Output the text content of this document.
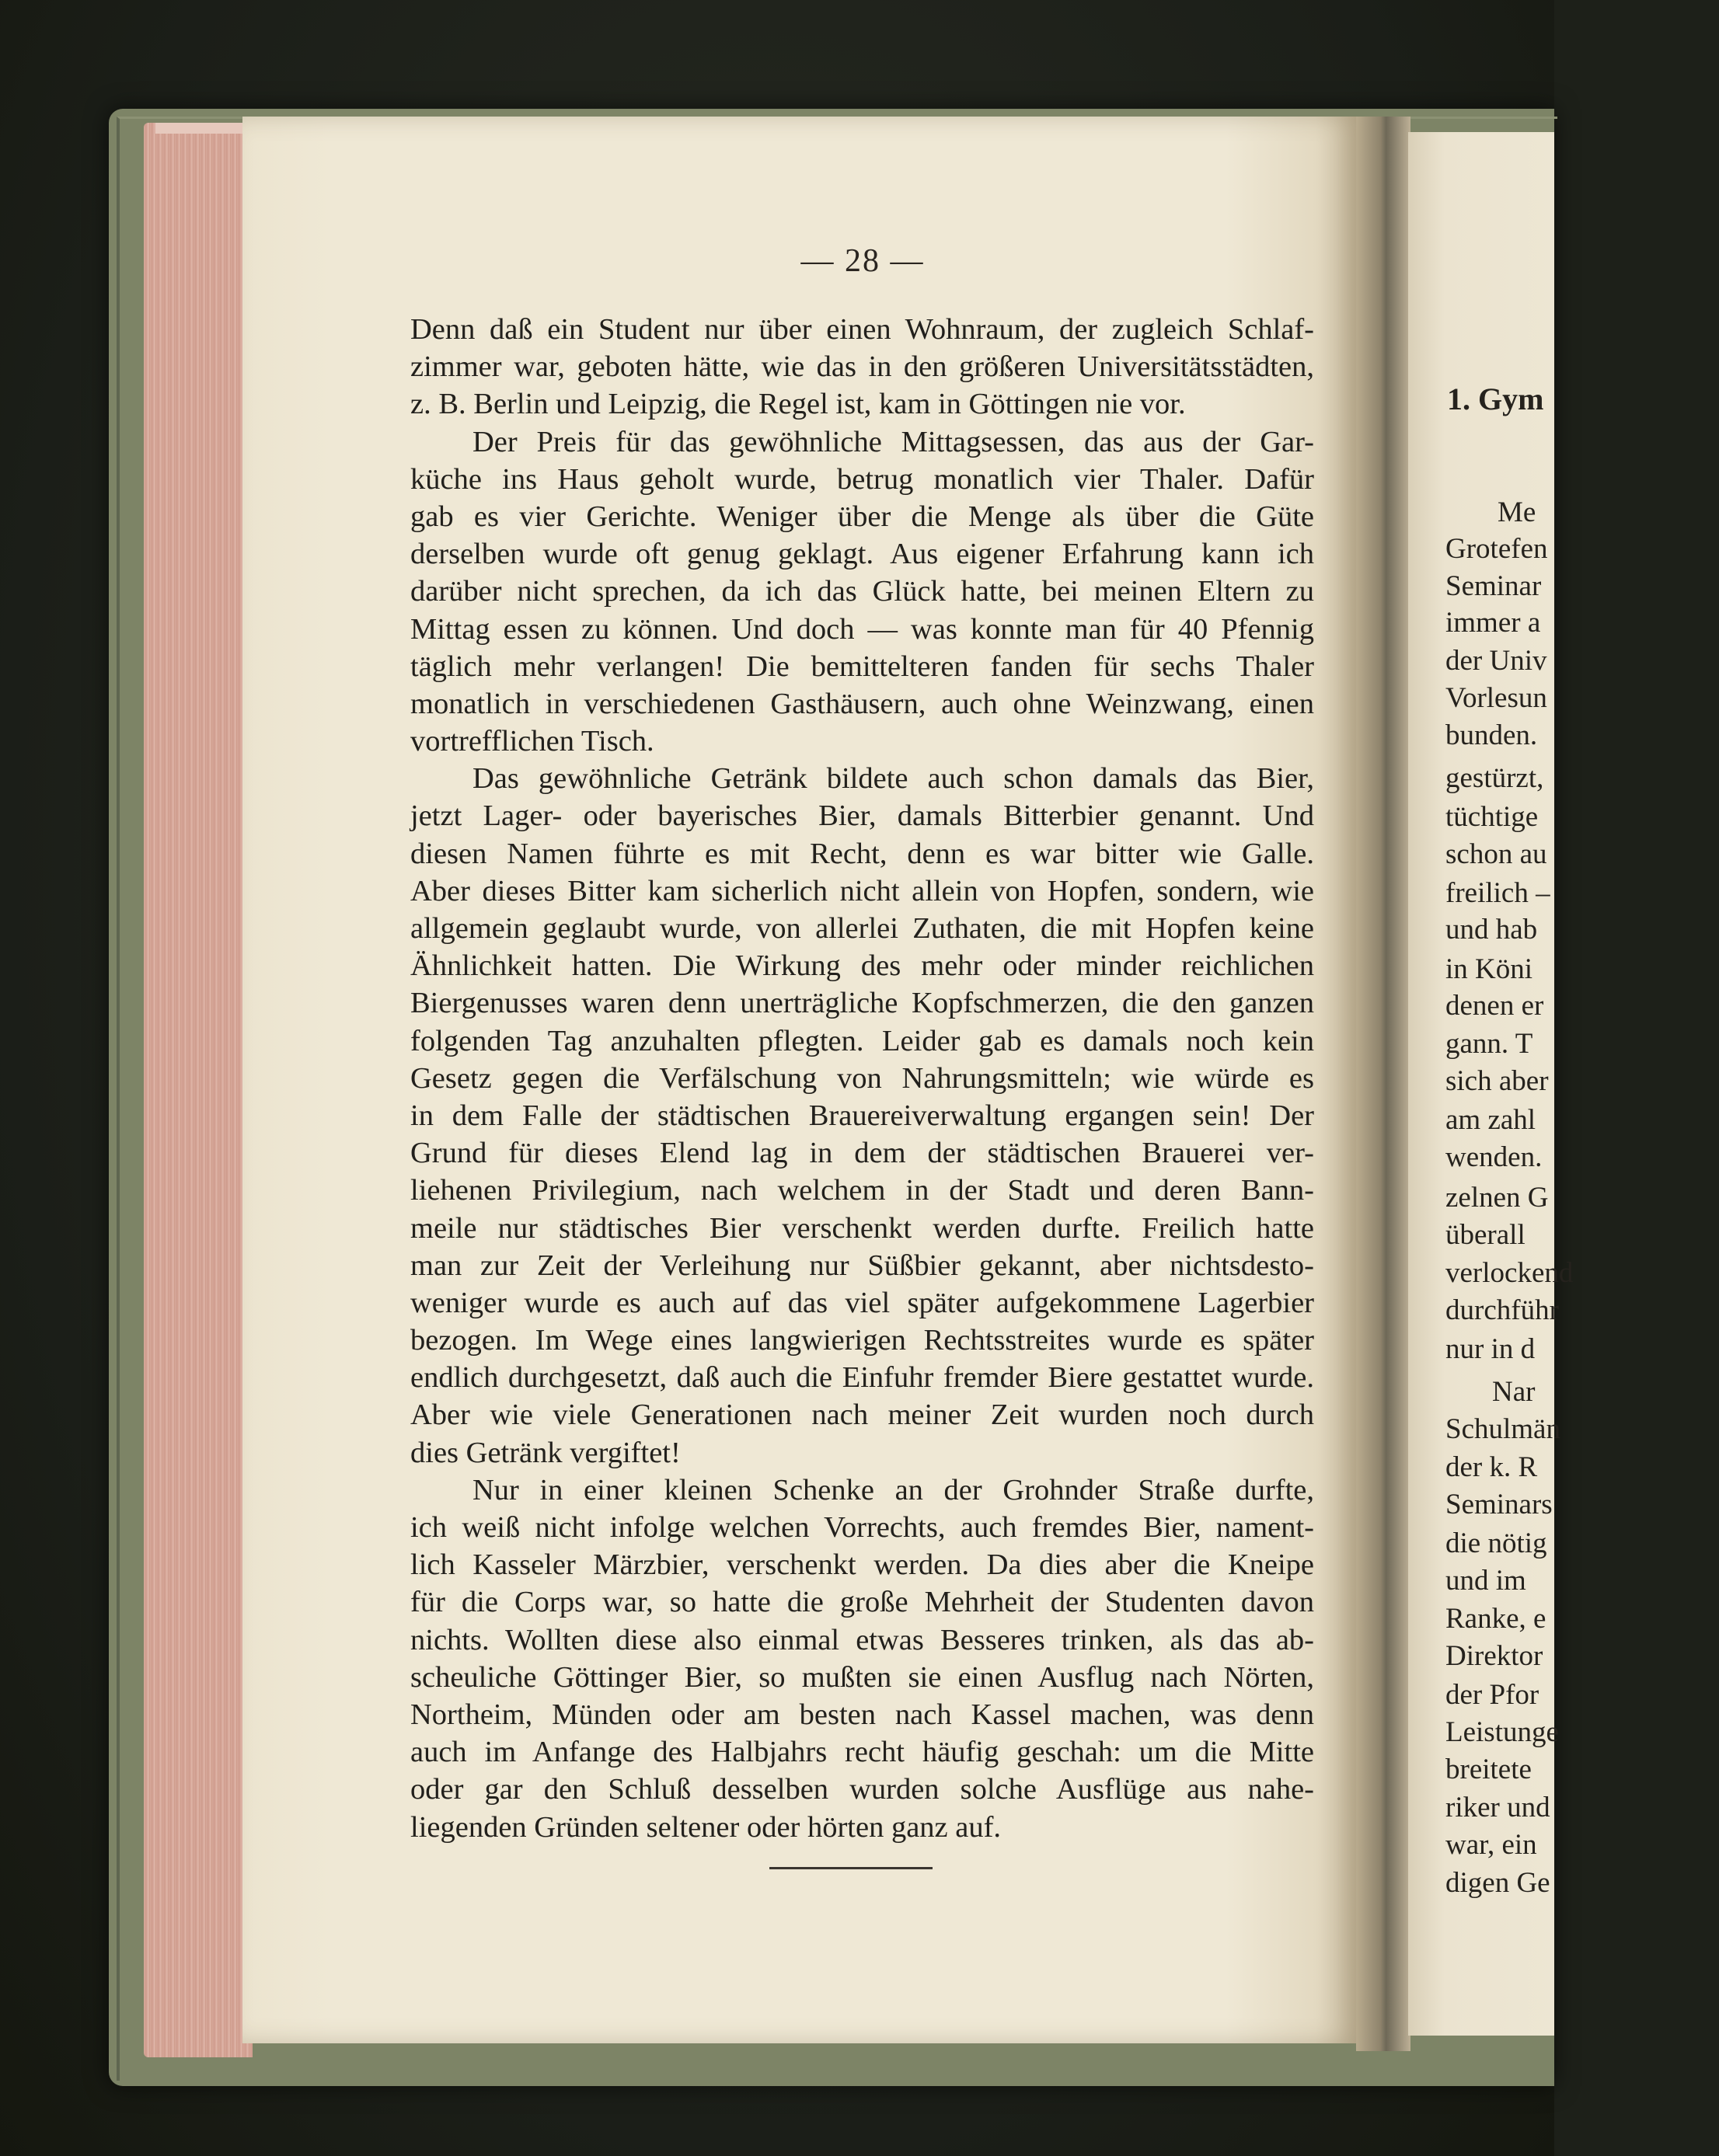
1. Gym
Me
Grotefen
Seminar
immer a
der Univ
Vorlesun
bunden.
gestürzt,
tüchtige
schon au
freilich –
und hab
in Köni
denen er
gann. T
sich aber
am zahl
wenden.
zelnen G
überall
verlockend
durchführ
nur in d
Nar
Schulmän
der k. R
Seminars
die nötig
und im
Ranke, e
Direktor
der Pfor
Leistunge
breitete
riker und
war, ein
digen Ge
— 28 —
Denn daß ein Student nur über einen Wohnraum, der zugleich Schlaf-
zimmer war, geboten hätte, wie das in den größeren Universitätsstädten,
z. B. Berlin und Leipzig, die Regel ist, kam in Göttingen nie vor.
Der Preis für das gewöhnliche Mittagsessen, das aus der Gar-
küche ins Haus geholt wurde, betrug monatlich vier Thaler. Dafür
gab es vier Gerichte. Weniger über die Menge als über die Güte
derselben wurde oft genug geklagt. Aus eigener Erfahrung kann ich
darüber nicht sprechen, da ich das Glück hatte, bei meinen Eltern zu
Mittag essen zu können. Und doch — was konnte man für 40 Pfennig
täglich mehr verlangen! Die bemittelteren fanden für sechs Thaler
monatlich in verschiedenen Gasthäusern, auch ohne Weinzwang, einen
vortrefflichen Tisch.
Das gewöhnliche Getränk bildete auch schon damals das Bier,
jetzt Lager- oder bayerisches Bier, damals Bitterbier genannt. Und
diesen Namen führte es mit Recht, denn es war bitter wie Galle.
Aber dieses Bitter kam sicherlich nicht allein von Hopfen, sondern, wie
allgemein geglaubt wurde, von allerlei Zuthaten, die mit Hopfen keine
Ähnlichkeit hatten. Die Wirkung des mehr oder minder reichlichen
Biergenusses waren denn unerträgliche Kopfschmerzen, die den ganzen
folgenden Tag anzuhalten pflegten. Leider gab es damals noch kein
Gesetz gegen die Verfälschung von Nahrungsmitteln; wie würde es
in dem Falle der städtischen Brauereiverwaltung ergangen sein! Der
Grund für dieses Elend lag in dem der städtischen Brauerei ver-
liehenen Privilegium, nach welchem in der Stadt und deren Bann-
meile nur städtisches Bier verschenkt werden durfte. Freilich hatte
man zur Zeit der Verleihung nur Süßbier gekannt, aber nichtsdesto-
weniger wurde es auch auf das viel später aufgekommene Lagerbier
bezogen. Im Wege eines langwierigen Rechtsstreites wurde es später
endlich durchgesetzt, daß auch die Einfuhr fremder Biere gestattet wurde.
Aber wie viele Generationen nach meiner Zeit wurden noch durch
dies Getränk vergiftet!
Nur in einer kleinen Schenke an der Grohnder Straße durfte,
ich weiß nicht infolge welchen Vorrechts, auch fremdes Bier, nament-
lich Kasseler Märzbier, verschenkt werden. Da dies aber die Kneipe
für die Corps war, so hatte die große Mehrheit der Studenten davon
nichts. Wollten diese also einmal etwas Besseres trinken, als das ab-
scheuliche Göttinger Bier, so mußten sie einen Ausflug nach Nörten,
Northeim, Münden oder am besten nach Kassel machen, was denn
auch im Anfange des Halbjahrs recht häufig geschah: um die Mitte
oder gar den Schluß desselben wurden solche Ausflüge aus nahe-
liegenden Gründen seltener oder hörten ganz auf.
